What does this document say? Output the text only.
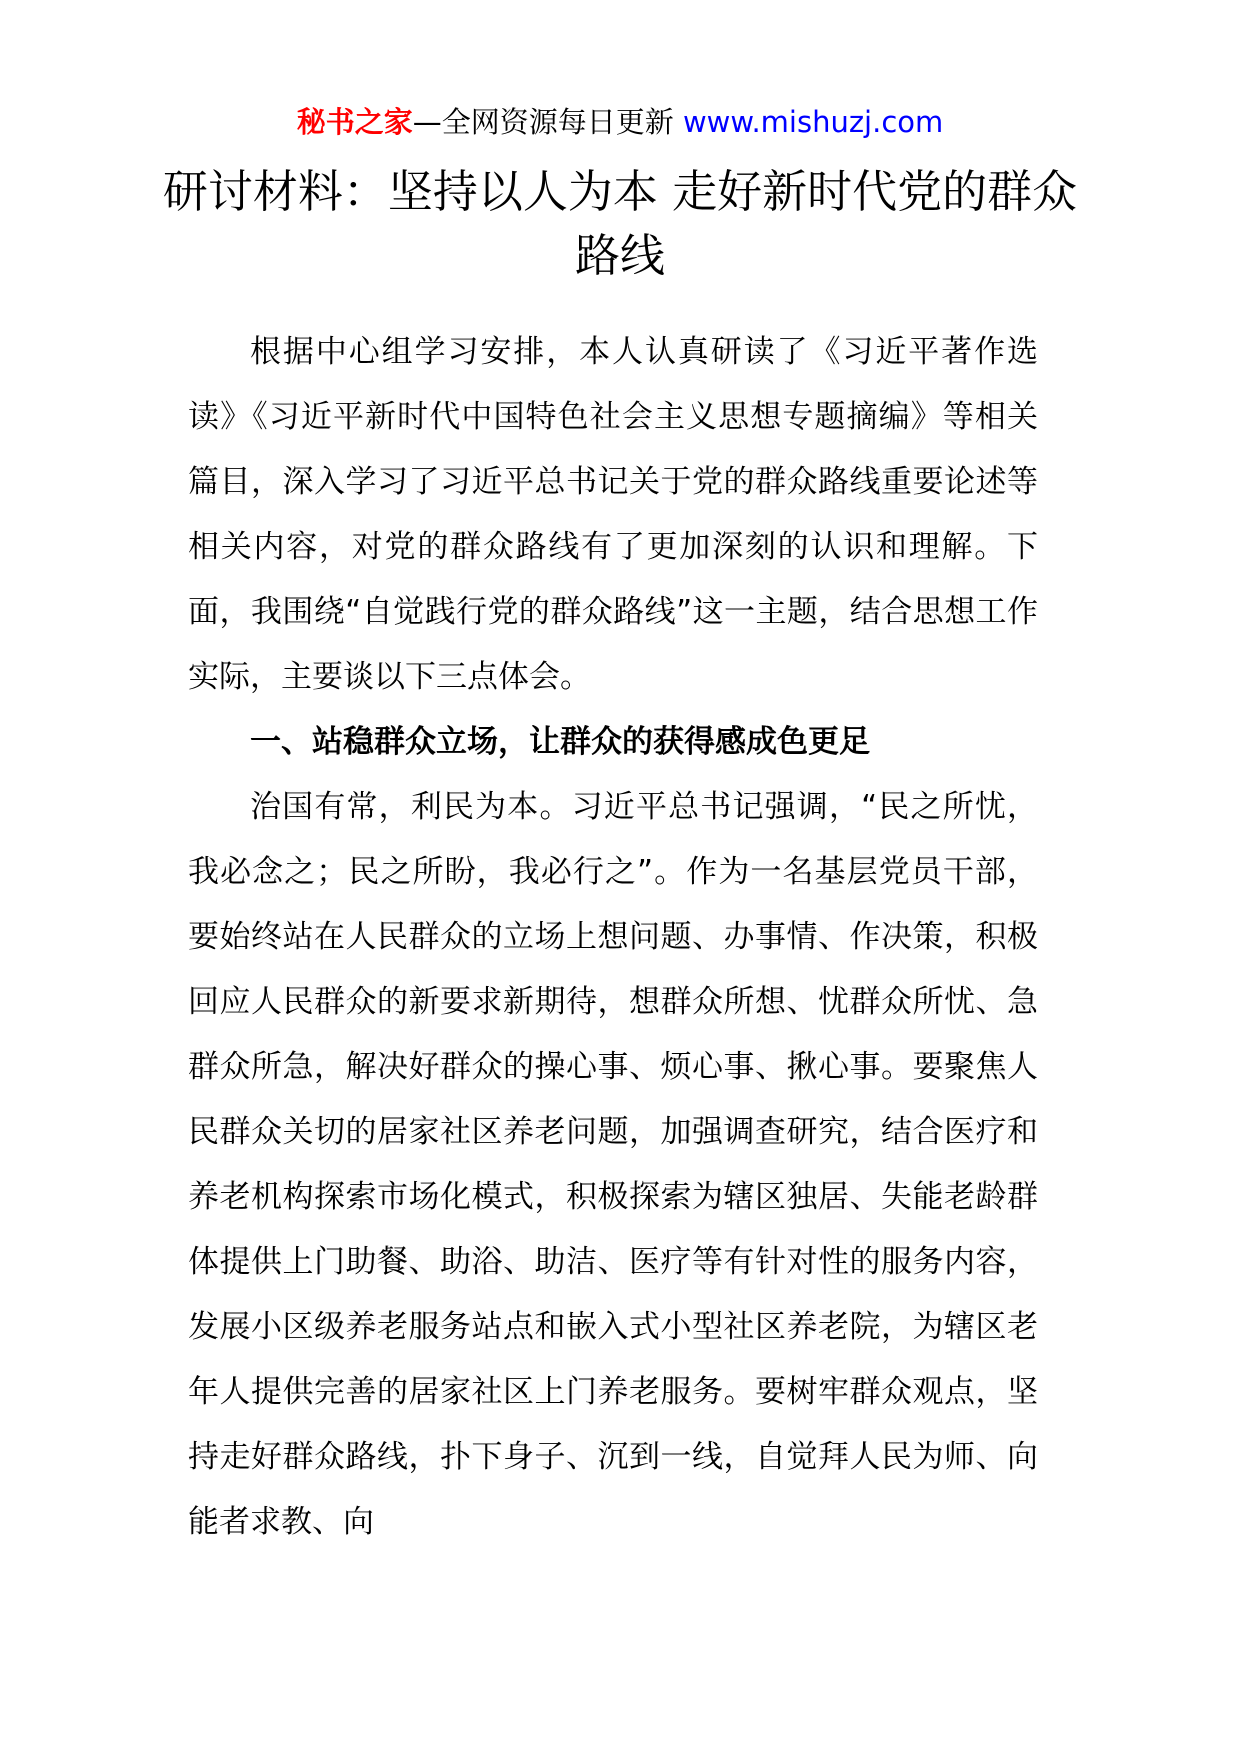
秘书之家—全网资源每日更新 www.mishuzj.com
研讨材料：坚持以人为本 走好新时代党的群众路线

根据中心组学习安排，本人认真研读了《习近平著作选读》《习近平新时代中国特色社会主义思想专题摘编》等相关篇目，深入学习了习近平总书记关于党的群众路线重要论述等相关内容，对党的群众路线有了更加深刻的认识和理解。下面，我围绕“自觉践行党的群众路线”这一主题，结合思想工作实际，主要谈以下三点体会。

一、站稳群众立场，让群众的获得感成色更足

治国有常，利民为本。习近平总书记强调，“民之所忧，我必念之；民之所盼，我必行之”。作为一名基层党员干部，要始终站在人民群众的立场上想问题、办事情、作决策，积极回应人民群众的新要求新期待，想群众所想、忧群众所忧、急群众所急，解决好群众的操心事、烦心事、揪心事。要聚焦人民群众关切的居家社区养老问题，加强调查研究，结合医疗和养老机构探索市场化模式，积极探索为辖区独居、失能老龄群体提供上门助餐、助浴、助洁、医疗等有针对性的服务内容，发展小区级养老服务站点和嵌入式小型社区养老院，为辖区老年人提供完善的居家社区上门养老服务。要树牢群众观点，坚持走好群众路线，扑下身子、沉到一线，自觉拜人民为师、向能者求教、向
